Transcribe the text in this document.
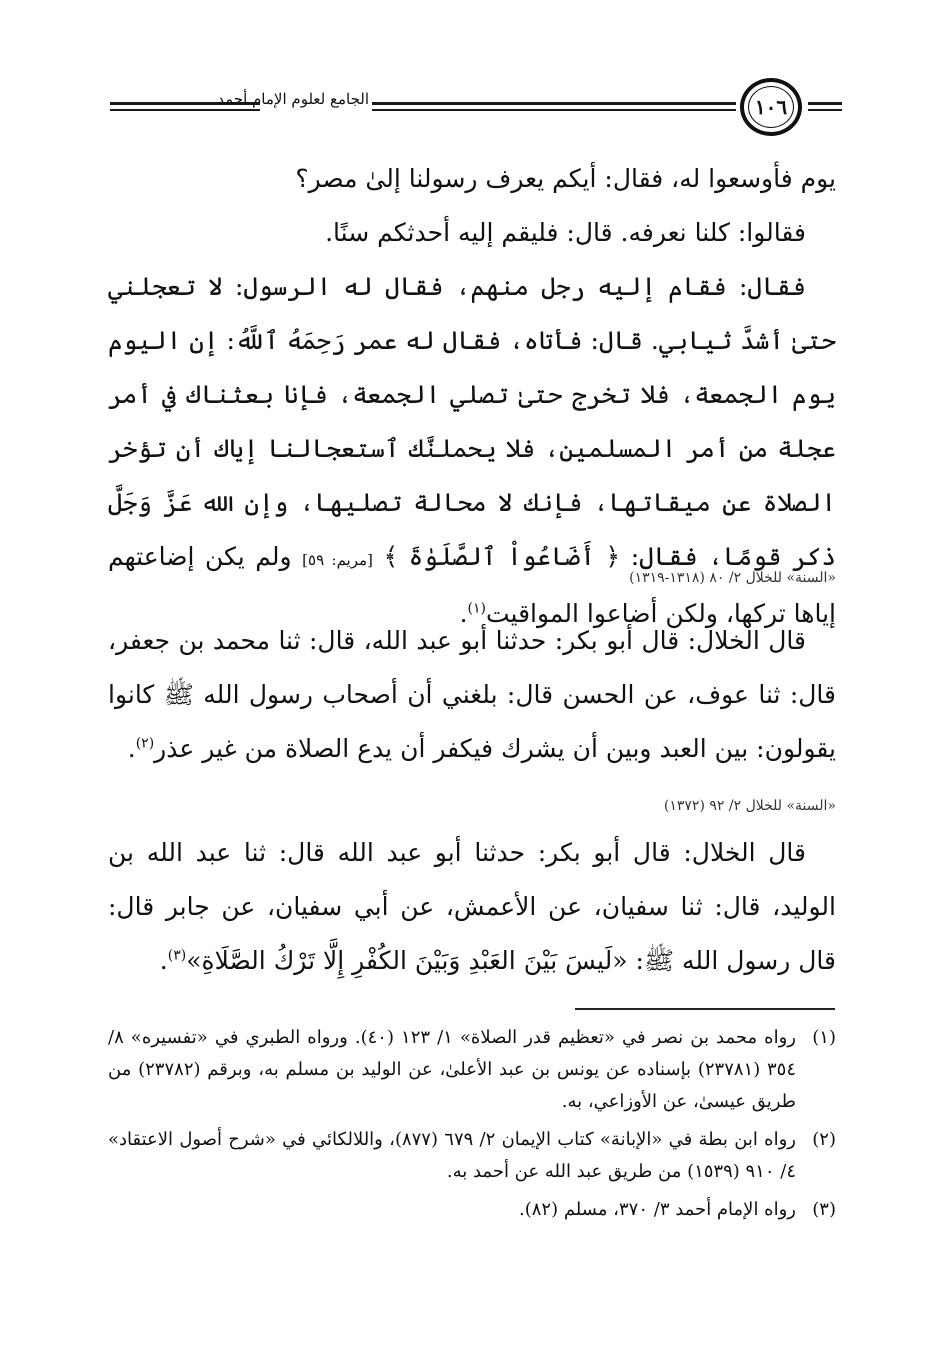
الجامع لعلوم الإمام أحمد	١٠٦
يوم فأوسعوا له، فقال: أيكم يعرف رسولنا إلىٰ مصر؟
فقالوا: كلنا نعرفه. قال: فليقم إليه أحدثكم سنًا.
فقال: فقام إليه رجل منهم، فقال له الرسول: لا تعجلني حتىٰ أشدَّ ثيابي. قال: فأتاه، فقال له عمر رَحِمَهُ ٱللَّهُ: إن اليوم يوم الجمعة، فلا تخرج حتىٰ تصلي الجمعة، فإنا بعثناك في أمر عجلة من أمر المسلمين، فلا يحملنَّك ٱستعجالنا إياك أن تؤخر الصلاة عن ميقاتها، فإنك لا محالة تصليها، وإن الله عَزَّ وَجَلَّ ذكر قومًا، فقال: ﴿ أَضَاعُواْ ٱلصَّلَوٰةَ ﴾ [مريم: ٥٩] ولم يكن إضاعتهم إياها تركها، ولكن أضاعوا المواقيت$^{(١)}$.
«السنة» للخلال ٢/ ٨٠ (١٣١٨-١٣١٩)
قال الخلال: قال أبو بكر: حدثنا أبو عبد الله، قال: ثنا محمد بن جعفر، قال: ثنا عوف، عن الحسن قال: بلغني أن أصحاب رسول الله ﷺ كانوا يقولون: بين العبد وبين أن يشرك فيكفر أن يدع الصلاة من غير عذر$^{(٢)}$.
«السنة» للخلال ٢/ ٩٢ (١٣٧٢)
قال الخلال: قال أبو بكر: حدثنا أبو عبد الله قال: ثنا عبد الله بن الوليد، قال: ثنا سفيان، عن الأعمش، عن أبي سفيان، عن جابر قال: قال رسول الله ﷺ: «لَيسَ بَيْنَ العَبْدِ وَبَيْنَ الكُفْرِ إِلَّا تَرْكُ الصَّلَاةِ»$^{(٣)}$.
(١)
رواه محمد بن نصر في «تعظيم قدر الصلاة» ١/ ١٢٣ (٤٠). ورواه الطبري في «تفسيره» ٨/ ٣٥٤ (٢٣٧٨١) بإسناده عن يونس بن عبد الأعلىٰ، عن الوليد بن مسلم به، وبرقم (٢٣٧٨٢) من طريق عيسىٰ، عن الأوزاعي، به.
(٢)
رواه ابن بطة في «الإبانة» كتاب الإيمان ٢/ ٦٧٩ (٨٧٧)، واللالكائي في «شرح أصول الاعتقاد» ٤/ ٩١٠ (١٥٣٩) من طريق عبد الله عن أحمد به.
(٣)
رواه الإمام أحمد ٣/ ٣٧٠، مسلم (٨٢).
